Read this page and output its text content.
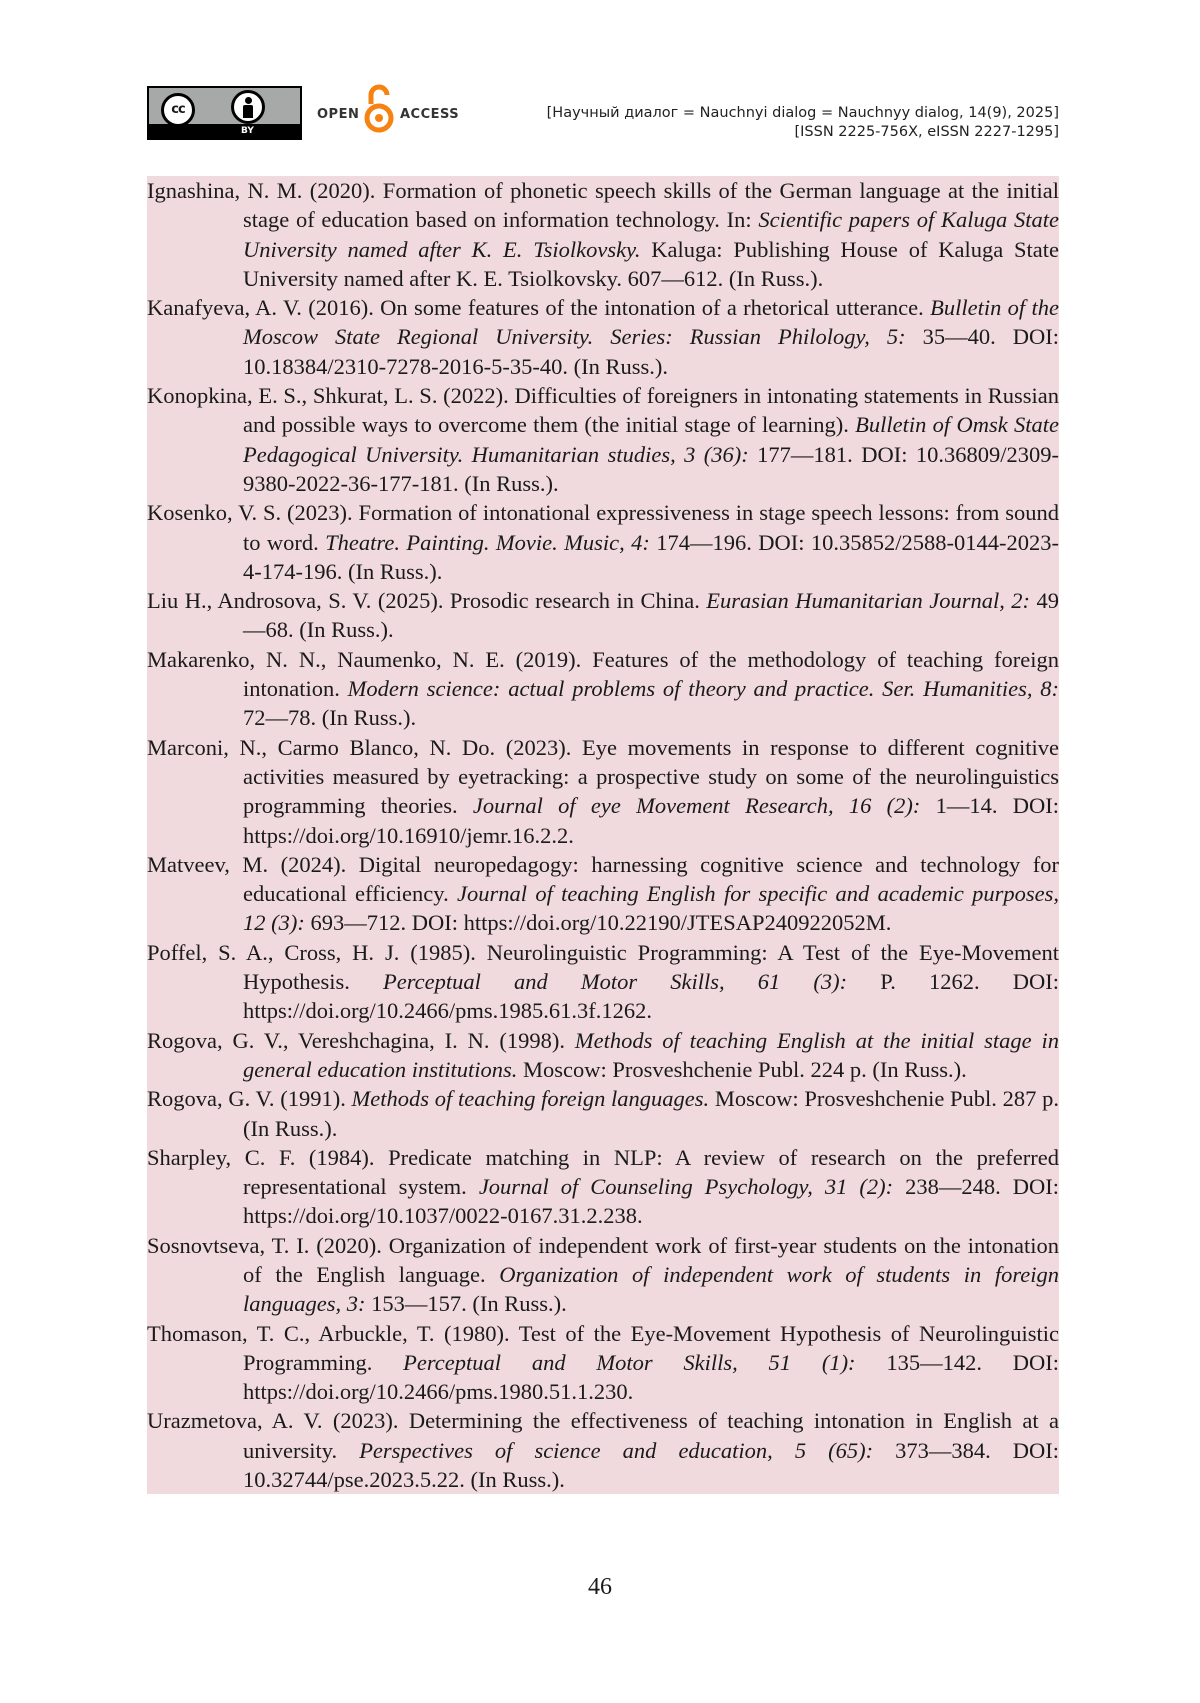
cc
BY
OPEN	ACCESS	[Научный диалог = Nauchnyi dialog = Nauchnyy dialog, 14(9), 2025]
[ISSN 2225-756X, eISSN 2227-1295]
Ignashina, N. M. (2020). Formation of phonetic speech skills of the German language at the initial stage of education based on information technology. In: Scientific papers of Kaluga State University named after K. E. Tsiolkovsky. Kaluga: Publishing House of Kaluga State University named after K. E. Tsiolkovsky. 607—612. (In Russ.).
Kanafyeva, A. V. (2016). On some features of the intonation of a rhetorical utterance. Bulletin of the Moscow State Regional University. Series: Russian Philology, 5: 35—40. DOI: 10.18384/2310-7278-2016-5-35-40. (In Russ.).
Konopkina, E. S., Shkurat, L. S. (2022). Difficulties of foreigners in intonating statements in Russian and possible ways to overcome them (the initial stage of learning). Bulletin of Omsk State Pedagogical University. Humanitarian studies, 3 (36): 177—181. DOI: 10.36809/2309-9380-2022-36-177-181. (In Russ.).
Kosenko, V. S. (2023). Formation of intonational expressiveness in stage speech lessons: from sound to word. Theatre. Painting. Movie. Music, 4: 174—196. DOI: 10.35852/2588-0144-2023-4-174-196. (In Russ.).
Liu H., Androsova, S. V. (2025). Prosodic research in China. Eurasian Humanitarian Journal, 2: 49—68. (In Russ.).
Makarenko, N. N., Naumenko, N. E. (2019). Features of the methodology of teaching foreign intonation. Modern science: actual problems of theory and practice. Ser. Humanities, 8: 72—78. (In Russ.).
Marconi, N., Carmo Blanco, N. Do. (2023). Eye movements in response to different cognitive activities measured by eyetracking: a prospective study on some of the neurolinguistics programming theories. Journal of eye Movement Research, 16 (2): 1—14. DOI: https://doi.org/10.16910/jemr.16.2.2.
Matveev, M. (2024). Digital neuropedagogy: harnessing cognitive science and technology for educational efficiency. Journal of teaching English for specific and academic purposes, 12 (3): 693—712. DOI: https://doi.org/10.22190/JTESAP240922052M.
Poffel, S. A., Cross, H. J. (1985). Neurolinguistic Programming: A Test of the Eye-Movement Hypothesis. Perceptual and Motor Skills, 61 (3): P. 1262. DOI: https://doi.org/10.2466/pms.1985.61.3f.1262.
Rogova, G. V., Vereshchagina, I. N. (1998). Methods of teaching English at the initial stage in general education institutions. Moscow: Prosveshchenie Publ. 224 p. (In Russ.).
Rogova, G. V. (1991). Methods of teaching foreign languages. Moscow: Prosveshchenie Publ. 287 p. (In Russ.).
Sharpley, C. F. (1984). Predicate matching in NLP: A review of research on the preferred representational system. Journal of Counseling Psychology, 31 (2): 238—248. DOI: https://doi.org/10.1037/0022-0167.31.2.238.
Sosnovtseva, T. I. (2020). Organization of independent work of first-year students on the intonation of the English language. Organization of independent work of students in foreign languages, 3: 153—157. (In Russ.).
Thomason, T. C., Arbuckle, T. (1980). Test of the Eye-Movement Hypothesis of Neurolinguistic Programming. Perceptual and Motor Skills, 51 (1): 135—142. DOI: https://doi.org/10.2466/pms.1980.51.1.230.
Urazmetova, A. V. (2023). Determining the effectiveness of teaching intonation in English at a university. Perspectives of science and education, 5 (65): 373—384. DOI: 10.32744/pse.2023.5.22. (In Russ.).
46
